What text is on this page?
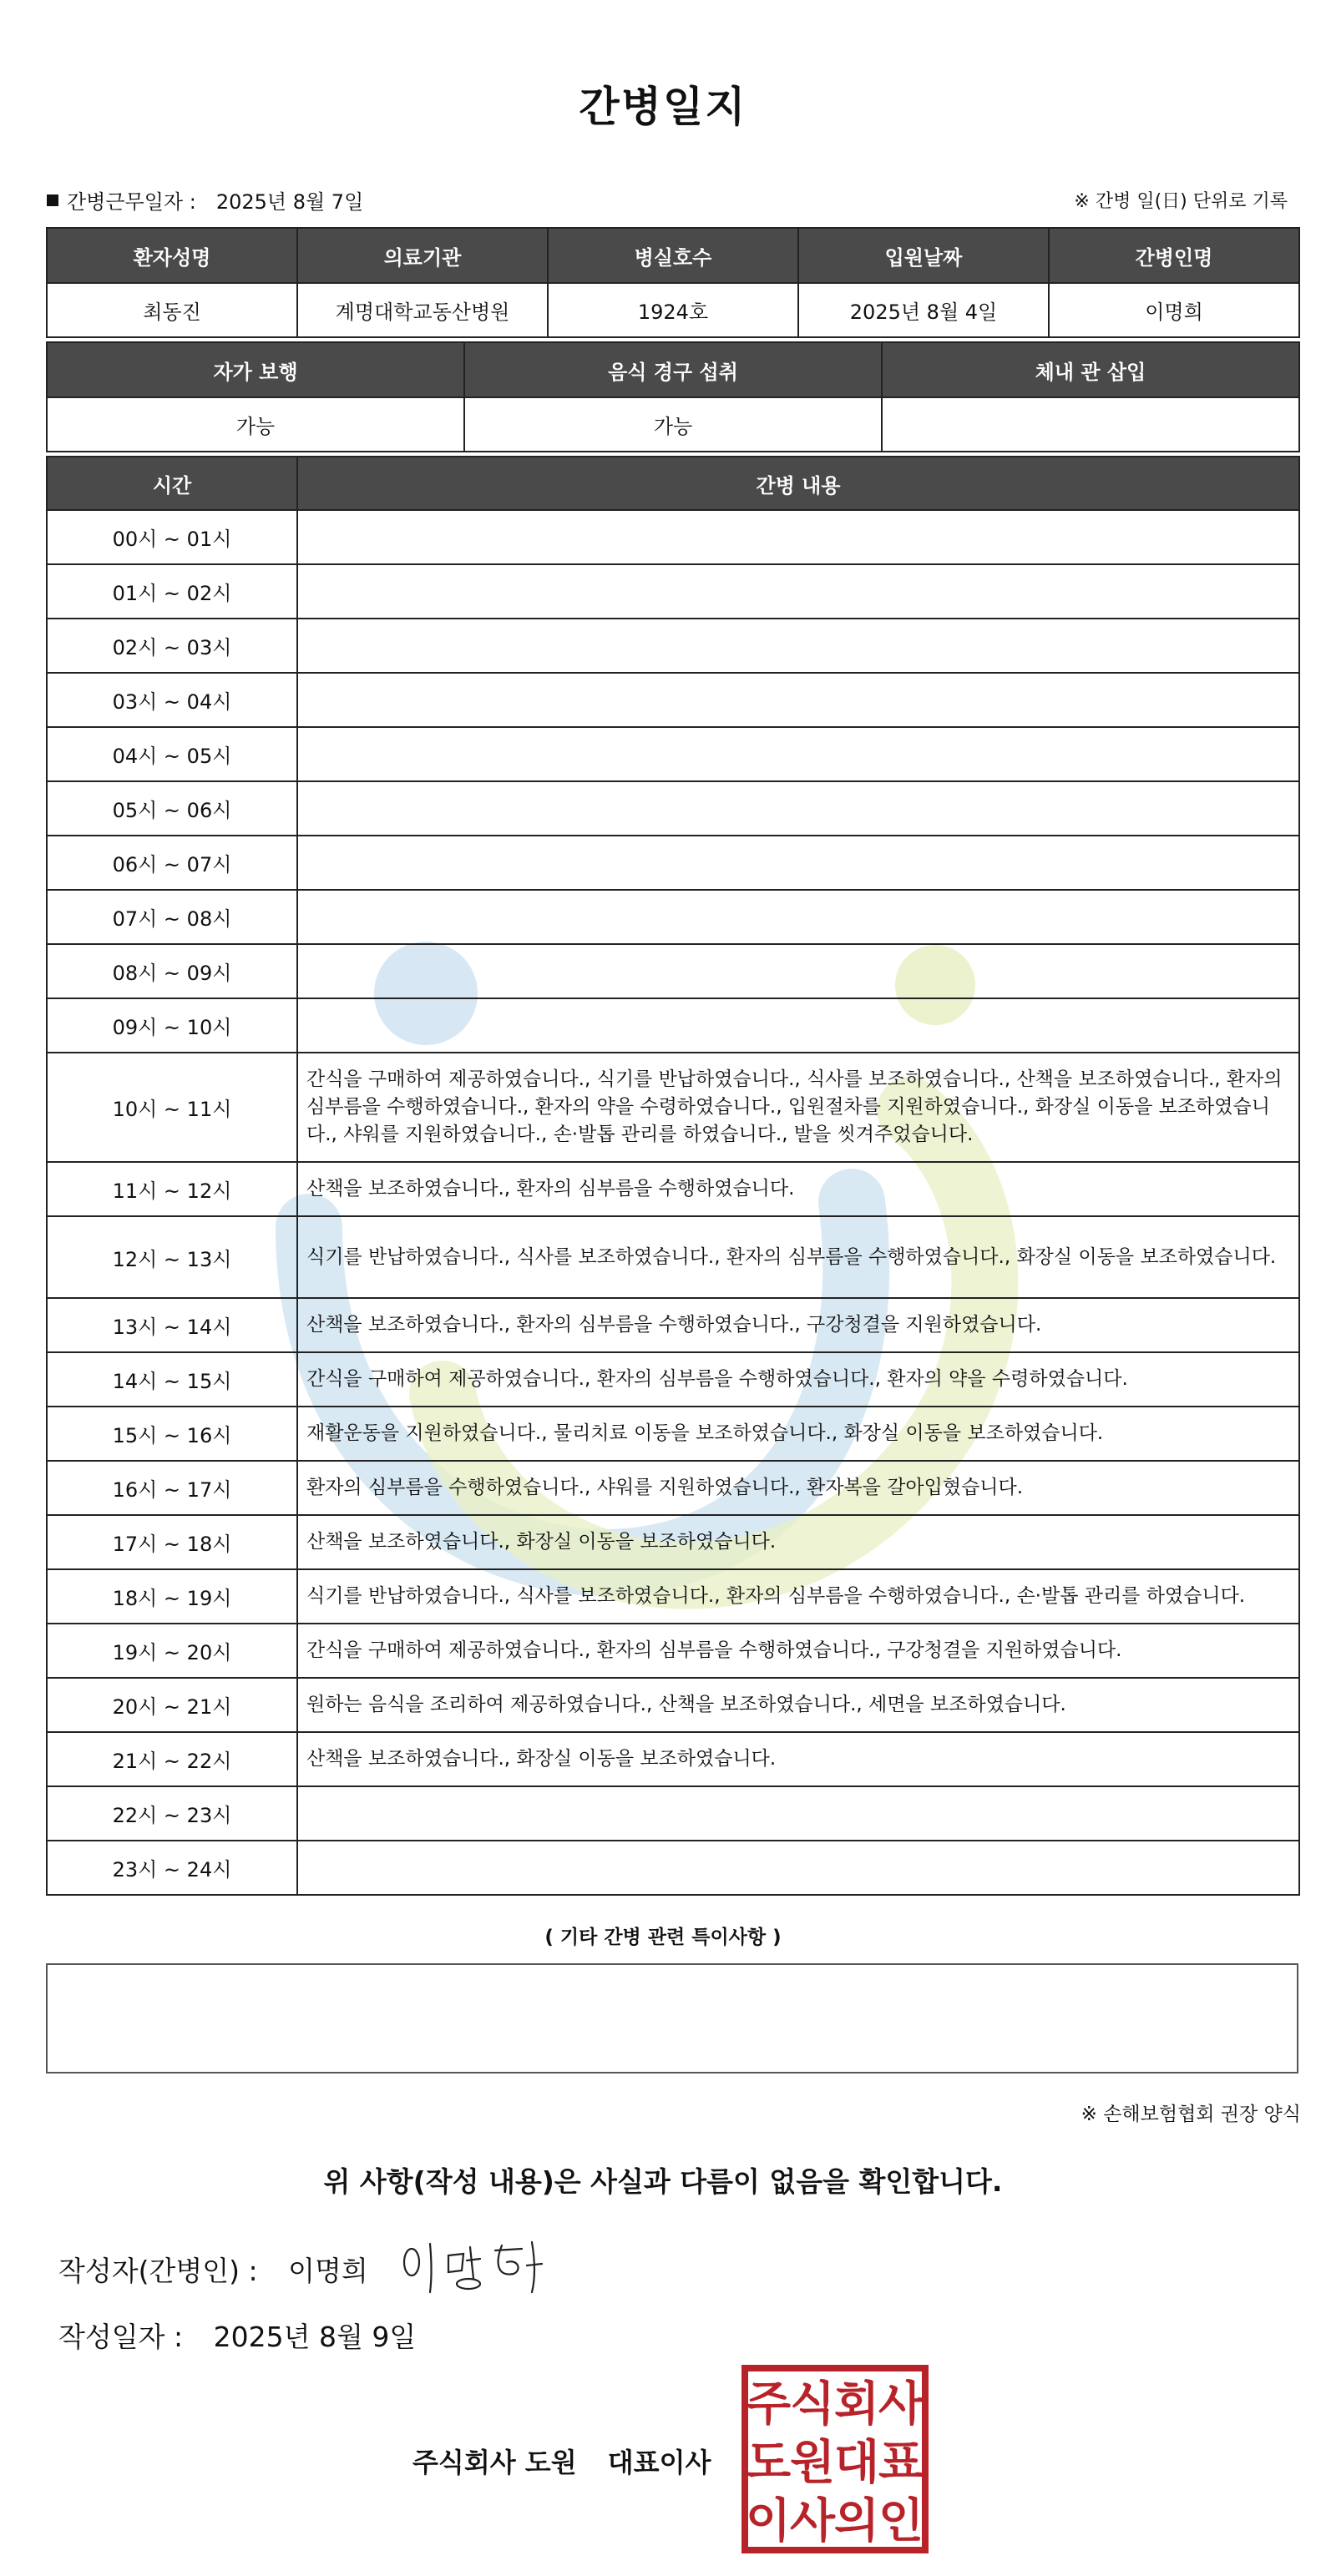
간병일지
간병근무일자 : 2025년 8월 7일	※ 간병 일(日) 단위로 기록
환자성명	의료기관	병실호수	입원날짜	간병인명
최동진	계명대학교동산병원	1924호	2025년 8월 4일	이명희
자가 보행	음식 경구 섭취	체내 관 삽입
가능	가능	
시간	간병 내용
00시 ~ 01시	
01시 ~ 02시	
02시 ~ 03시	
03시 ~ 04시	
04시 ~ 05시	
05시 ~ 06시	
06시 ~ 07시	
07시 ~ 08시	
08시 ~ 09시	
09시 ~ 10시	
10시 ~ 11시	간식을 구매하여 제공하였습니다., 식기를 반납하였습니다., 식사를 보조하였습니다., 산책을 보조하였습니다., 환자의 심부름을 수행하였습니다., 환자의 약을 수령하였습니다., 입원절차를 지원하였습니다., 화장실 이동을 보조하였습니다., 샤워를 지원하였습니다., 손·발톱 관리를 하였습니다., 발을 씻겨주었습니다.
11시 ~ 12시	산책을 보조하였습니다., 환자의 심부름을 수행하였습니다.
12시 ~ 13시	식기를 반납하였습니다., 식사를 보조하였습니다., 환자의 심부름을 수행하였습니다., 화장실 이동을 보조하였습니다.
13시 ~ 14시	산책을 보조하였습니다., 환자의 심부름을 수행하였습니다., 구강청결을 지원하였습니다.
14시 ~ 15시	간식을 구매하여 제공하였습니다., 환자의 심부름을 수행하였습니다., 환자의 약을 수령하였습니다.
15시 ~ 16시	재활운동을 지원하였습니다., 물리치료 이동을 보조하였습니다., 화장실 이동을 보조하였습니다.
16시 ~ 17시	환자의 심부름을 수행하였습니다., 샤워를 지원하였습니다., 환자복을 갈아입혔습니다.
17시 ~ 18시	산책을 보조하였습니다., 화장실 이동을 보조하였습니다.
18시 ~ 19시	식기를 반납하였습니다., 식사를 보조하였습니다., 환자의 심부름을 수행하였습니다., 손·발톱 관리를 하였습니다.
19시 ~ 20시	간식을 구매하여 제공하였습니다., 환자의 심부름을 수행하였습니다., 구강청결을 지원하였습니다.
20시 ~ 21시	원하는 음식을 조리하여 제공하였습니다., 산책을 보조하였습니다., 세면을 보조하였습니다.
21시 ~ 22시	산책을 보조하였습니다., 화장실 이동을 보조하였습니다.
22시 ~ 23시	
23시 ~ 24시	
( 기타 간병 관련 특이사항 )
※ 손해보험협회 권장 양식
위 사항(작성 내용)은 사실과 다름이 없음을 확인합니다.
작성자(간병인) : 이명희
작성일자 : 2025년 8월 9일
주식회사 도원 대표이사
주
식
회
사
도
원
대
표
이
사
의
인
